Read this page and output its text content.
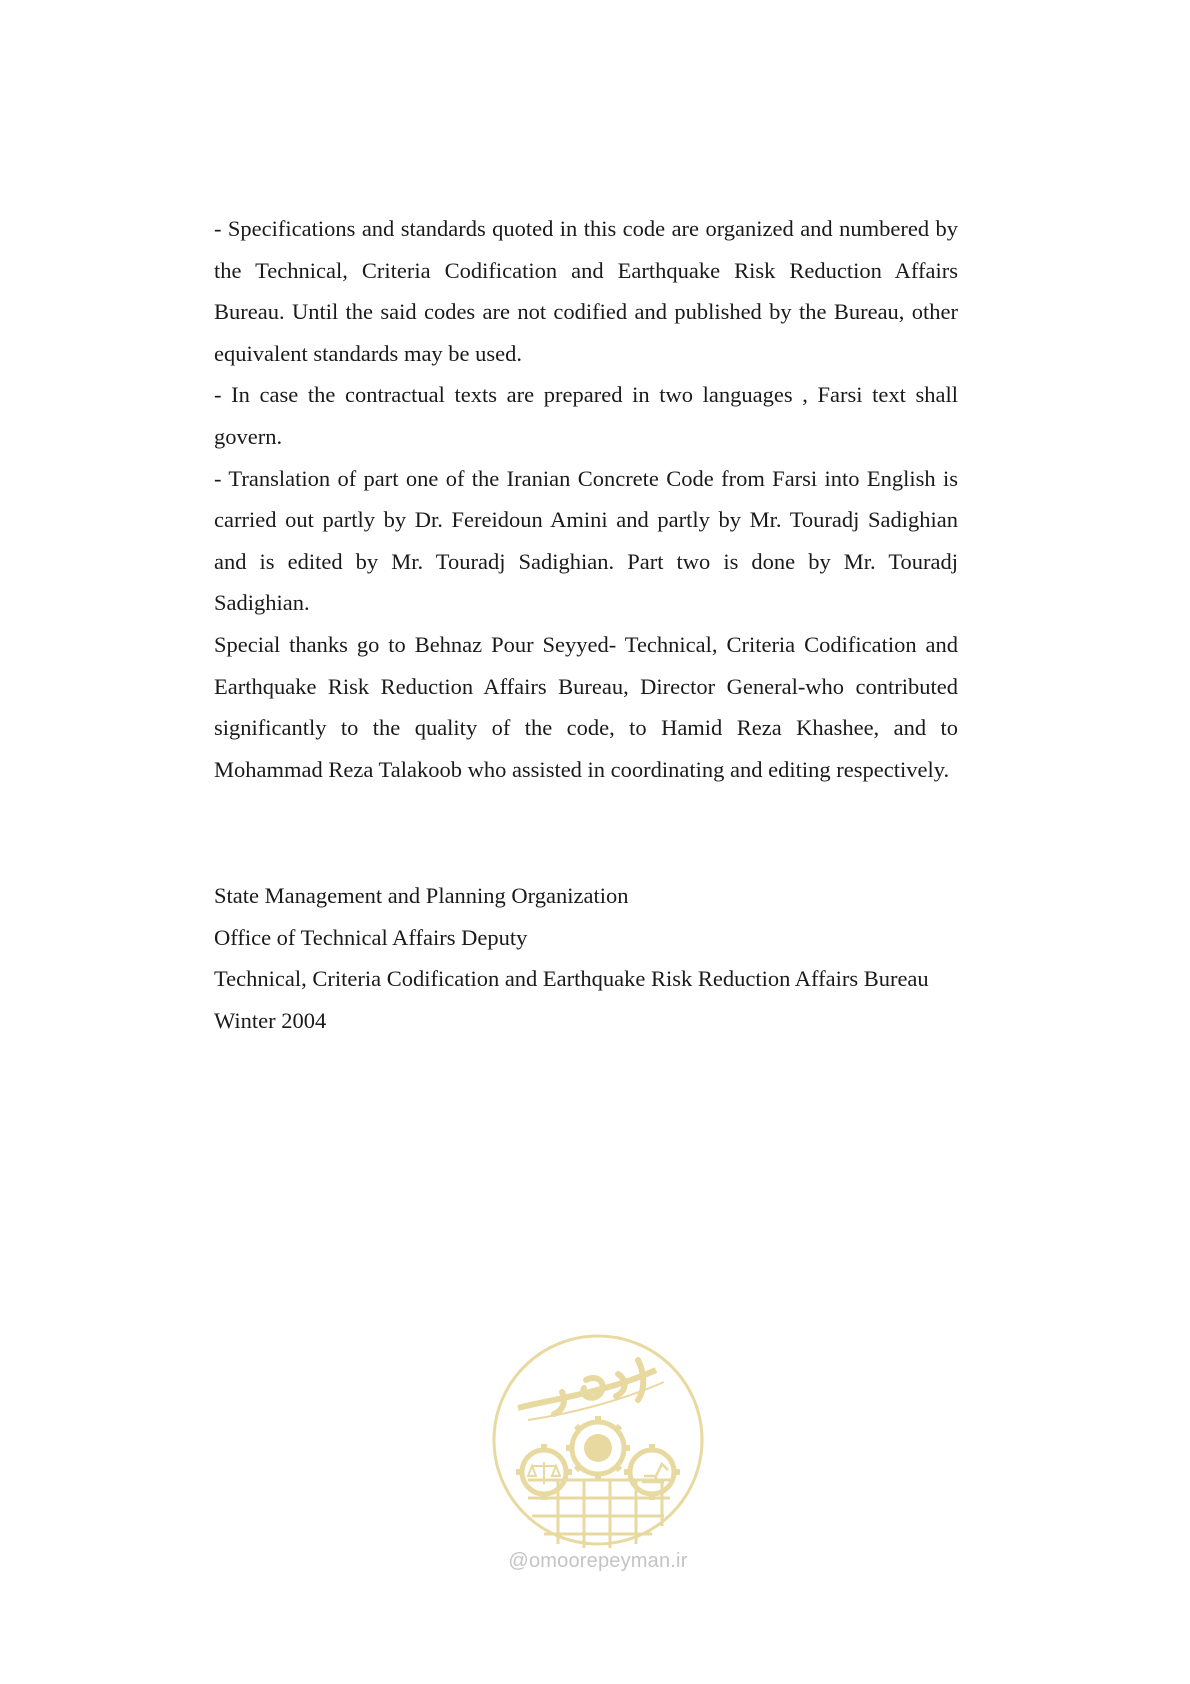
- Specifications and standards quoted in this code are organized and numbered by the Technical, Criteria Codification and Earthquake Risk Reduction Affairs Bureau. Until the said codes are not codified and published by the Bureau, other equivalent standards may be used.

- In case the contractual texts are prepared in two languages , Farsi text shall govern.

- Translation of part one of the Iranian Concrete Code from Farsi into English is carried out partly by Dr. Fereidoun Amini and partly by Mr. Touradj Sadighian and is edited by Mr. Touradj Sadighian. Part two is done by Mr. Touradj Sadighian.

Special thanks go to Behnaz Pour Seyyed- Technical, Criteria Codification and Earthquake Risk Reduction Affairs Bureau, Director General-who contributed significantly to the quality of the code, to Hamid Reza Khashee, and to Mohammad Reza Talakoob who assisted in coordinating and editing respectively.

State Management and Planning Organization

Office of Technical Affairs Deputy

Technical, Criteria Codification and Earthquake Risk Reduction Affairs Bureau

Winter 2004

@omoorepeyman.ir
